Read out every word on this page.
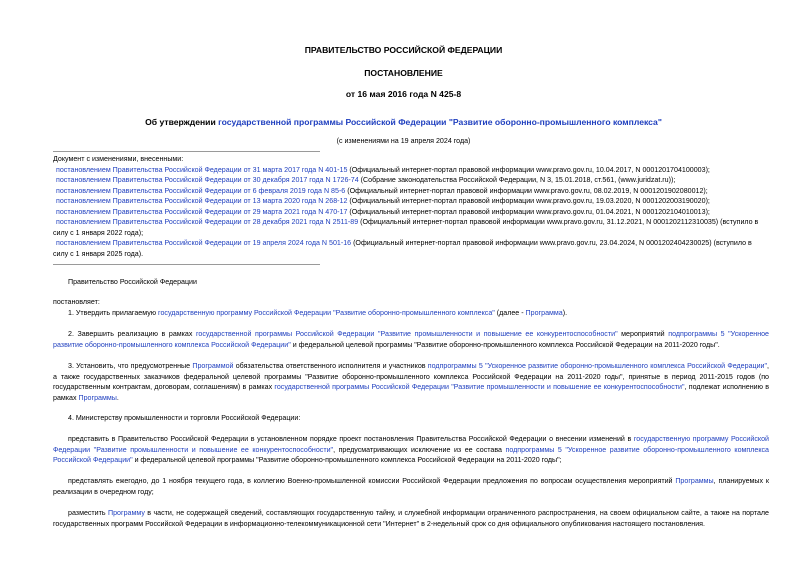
ПРАВИТЕЛЬСТВО РОССИЙСКОЙ ФЕДЕРАЦИИ
ПОСТАНОВЛЕНИЕ
от 16 мая 2016 года N 425-8
Об утверждении государственной программы Российской Федерации "Развитие оборонно-промышленного комплекса"
(с изменениями на 19 апреля 2024 года)
Документ с изменениями, внесенными:
постановлением Правительства Российской Федерации от 31 марта 2017 года N 401-15 (Официальный интернет-портал правовой информации www.pravo.gov.ru, 10.04.2017, N 0001201704100003);
постановлением Правительства Российской Федерации от 30 декабря 2017 года N 1726-74 (Собрание законодательства Российской Федерации, N 3, 15.01.2018, ст.561, (www.juridzat.ru));
постановлением Правительства Российской Федерации от 6 февраля 2019 года N 85-6 (Официальный интернет-портал правовой информации www.pravo.gov.ru, 08.02.2019, N 0001201902080012);
постановлением Правительства Российской Федерации от 13 марта 2020 года N 268-12 (Официальный интернет-портал правовой информации www.pravo.gov.ru, 19.03.2020, N 0001202003190020);
постановлением Правительства Российской Федерации от 29 марта 2021 года N 470-17 (Официальный интернет-портал правовой информации www.pravo.gov.ru, 01.04.2021, N 0001202104010013);
постановлением Правительства Российской Федерации от 28 декабря 2021 года N 2511-89 (Официальный интернет-портал правовой информации www.pravo.gov.ru, 31.12.2021, N 0001202112310035) (вступило в
силу с 1 января 2022 года);
постановлением Правительства Российской Федерации от 19 апреля 2024 года N 501-16 (Официальный интернет-портал правовой информации www.pravo.gov.ru, 23.04.2024, N 0001202404230025) (вступило в
силу с 1 января 2025 года).
Правительство Российской Федерации
постановляет:
1. Утвердить прилагаемую государственную программу Российской Федерации "Развитие оборонно-промышленного комплекса" (далее - Программа).
2. Завершить реализацию в рамках государственной программы Российской Федерации "Развитие промышленности и повышение ее конкурентоспособности" мероприятий подпрограммы 5 "Ускоренное развитие оборонно-промышленного комплекса Российской Федерации" и федеральной целевой программы "Развитие оборонно-промышленного комплекса Российской Федерации на 2011-2020 годы".
3. Установить, что предусмотренные Программой обязательства ответственного исполнителя и участников подпрограммы 5 "Ускоренное развитие оборонно-промышленного комплекса Российской Федерации", а также государственных заказчиков федеральной целевой программы "Развитие оборонно-промышленного комплекса Российской Федерации на 2011-2020 годы", принятые в период 2011-2015 годов (по государственным контрактам, договорам, соглашениям) в рамках государственной программы Российской Федерации "Развитие промышленности и повышение ее конкурентоспособности", подлежат исполнению в рамках Программы.
4. Министерству промышленности и торговли Российской Федерации:
представить в Правительство Российской Федерации в установленном порядке проект постановления Правительства Российской Федерации о внесении изменений в государственную программу Российской Федерации "Развитие промышленности и повышение ее конкурентоспособности", предусматривающих исключение из ее состава подпрограммы 5 "Ускоренное развитие оборонно-промышленного комплекса Российской Федерации" и федеральной целевой программы "Развитие оборонно-промышленного комплекса Российской Федерации на 2011-2020 годы";
представлять ежегодно, до 1 ноября текущего года, в коллегию Военно-промышленной комиссии Российской Федерации предложения по вопросам осуществления мероприятий Программы, планируемых к реализации в очередном году;
разместить Программу в части, не содержащей сведений, составляющих государственную тайну, и служебной информации ограниченного распространения, на своем официальном сайте, а также на портале государственных программ Российской Федерации в информационно-телекоммуникационной сети "Интернет" в 2-недельный срок со дня официального опубликования настоящего постановления.
